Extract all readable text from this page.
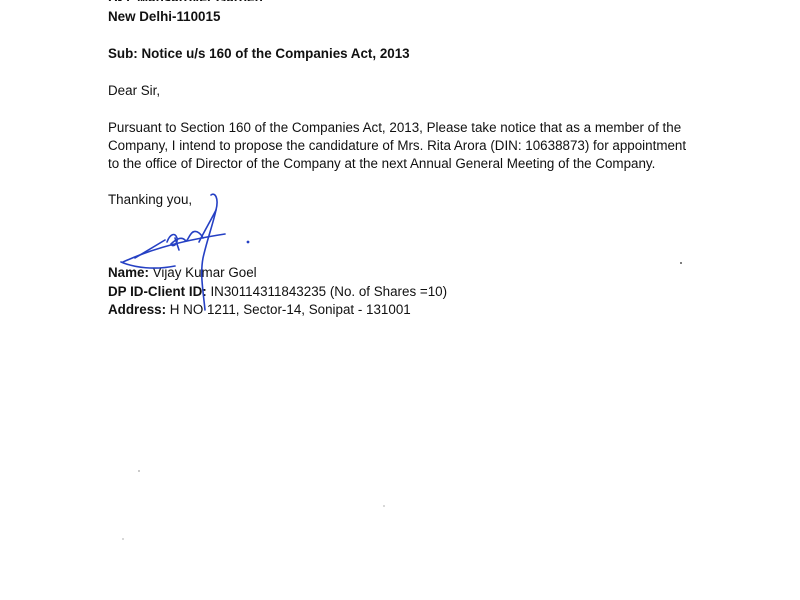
New Delhi-110015

Sub: Notice u/s 160 of the Companies Act, 2013

Dear Sir,

Pursuant to Section 160 of the Companies Act, 2013, Please take notice that as a member of the

Company, I intend to propose the candidature of Mrs. Rita Arora (DIN: 10638873) for appointment

to the office of Director of the Company at the next Annual General Meeting of the Company.

Thanking you,

Name: Vijay Kumar Goel

DP ID-Client ID: IN30114311843235 (No. of Shares =10)

Address: H NO 1211, Sector-14, Sonipat - 131001
